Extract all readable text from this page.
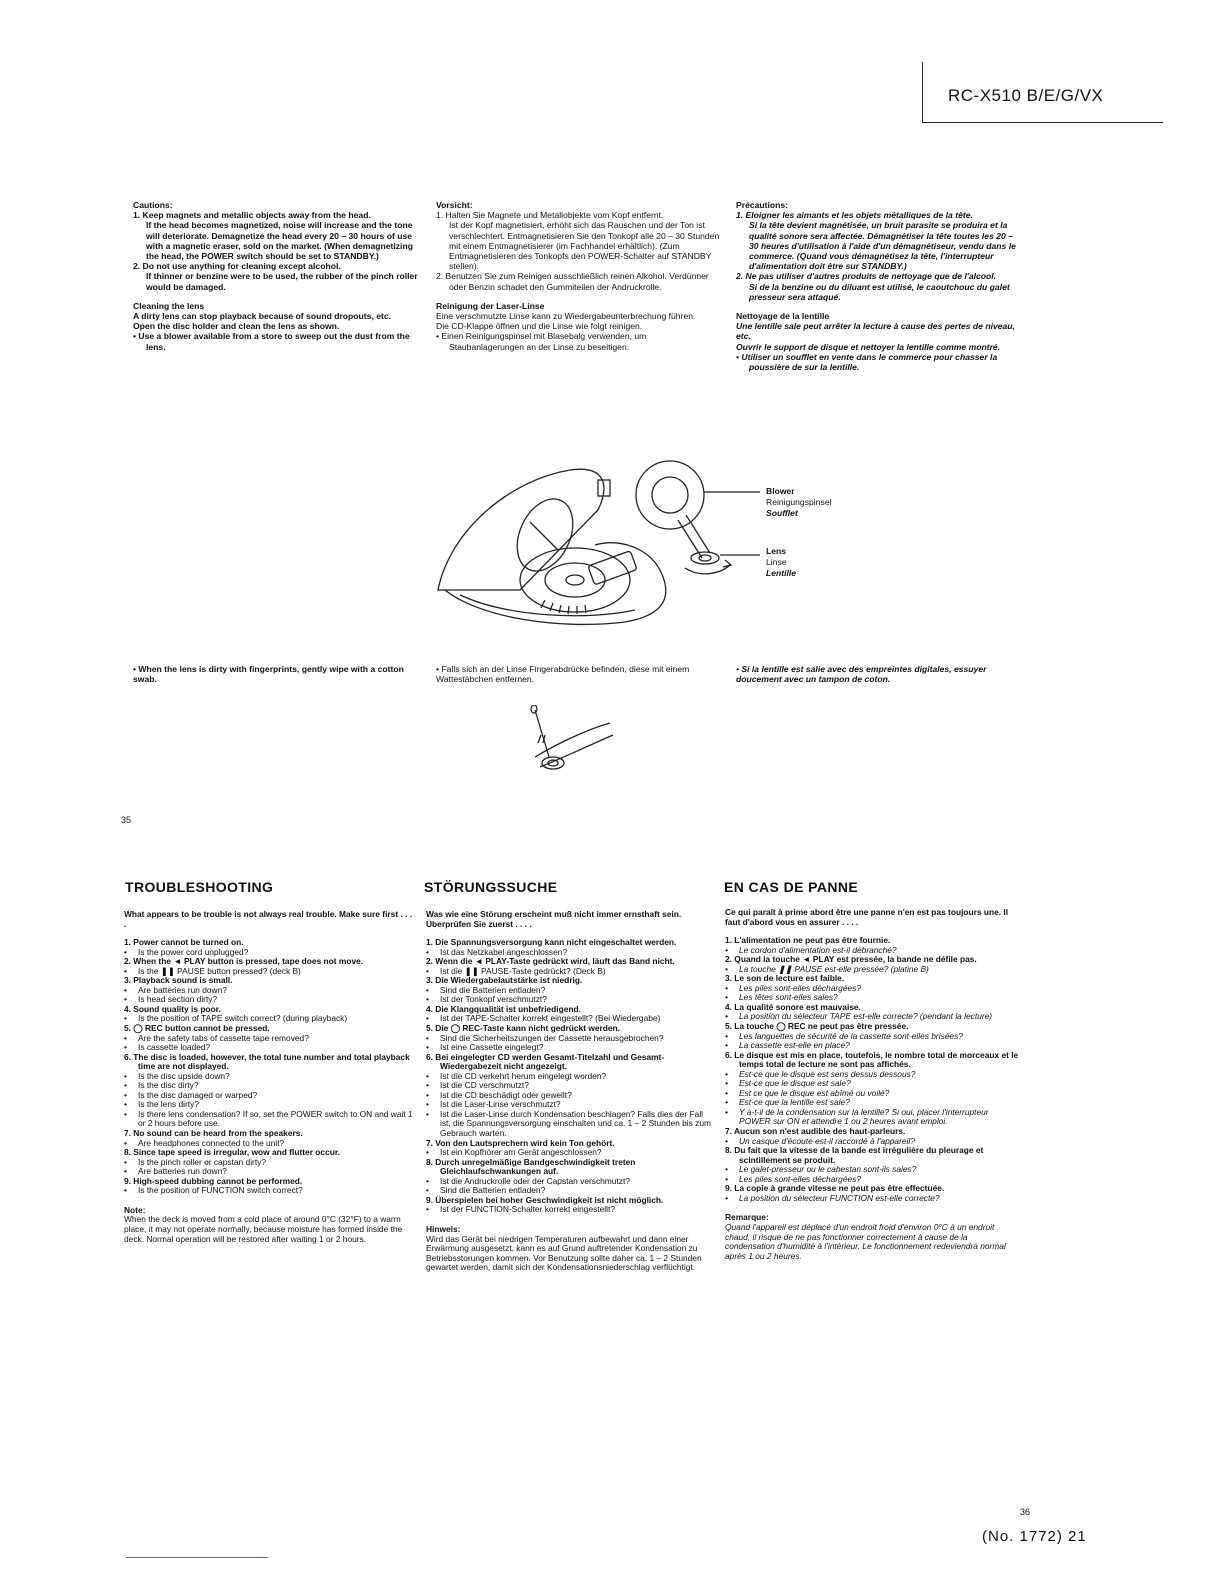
RC-X510 B/E/G/VX

Cautions:

1. Keep magnets and metallic objects away from the head.

If the head becomes magnetized, noise will increase and the tone will deteriorate. Demagnetize the head every 20 – 30 hours of use with a magnetic eraser, sold on the market. (When demagnetizing the head, the POWER switch should be set to STANDBY.)

2. Do not use anything for cleaning except alcohol.

If thinner or benzine were to be used, the rubber of the pinch roller would be damaged.

Cleaning the lens

A dirty lens can stop playback because of sound dropouts, etc.

Open the disc holder and clean the lens as shown.

• Use a blower available from a store to sweep out the dust from the lens.

Vorsicht:

1. Halten Sie Magnete und Metallobjekte vom Kopf entfernt.

Ist der Kopf magnetisiert, erhöht sich das Rauschen und der Ton ist verschlechtert. Entmagnetisieren Sie den Tonkopf alle 20 – 30 Stunden mit einem Entmagnetisierer (im Fachhandel erhältlich). (Zum Entmagnetisieren des Tonkopfs den POWER-Schalter auf STANDBY stellen).

2. Benutzen Sie zum Reinigen ausschließlich reinen Alkohol. Verdünner oder Benzin schadet den Gummiteilen der Andruckrolle.

Reinigung der Laser-Linse

Eine verschmutzte Linse kann zu Wiedergabeunterbrechung führen.

Die CD-Klappe öffnen und die Linse wie folgt reinigen.

• Einen Reinigungspinsel mit Blasebalg verwenden, um Staubanlagerungen an der Linse zu beseitigen.

Précautions:

1. Eloigner les aimants et les objets métalliques de la tête.

Si la tête devient magnétisée, un bruit parasite se produira et la qualité sonore sera affectée. Démagnétiser la tête toutes les 20 – 30 heures d'utilisation à l'aide d'un démagnétiseur, vendu dans le commerce. (Quand vous démagnétisez la tête, l'interrupteur d'alimentation doit être sur STANDBY.)

2. Ne pas utiliser d'autres produits de nettoyage que de l'alcool.

Si de la benzine ou du diluant est utilisé, le caoutchouc du galet presseur sera attaqué.

Nettoyage de la lentille

Une lentille sale peut arrêter la lecture à cause des pertes de niveau, etc.

Ouvrir le support de disque et nettoyer la lentille comme montré.

• Utiliser un soufflet en vente dans le commerce pour chasser la poussière de sur la lentille.

Blower
Reinigungspinsel
Soufflet
Lens
Linse
Lentille
• When the lens is dirty with fingerprints, gently wipe with a cotton swab.
• Falls sich an der Linse Fingerabdrücke befinden, diese mit einem Wattestäbchen entfernen.
• Si la lentille est salie avec des empreintes digitales, essuyer doucement avec un tampon de coton.
35
TROUBLESHOOTING	STÖRUNGSSUCHE	EN CAS DE PANNE

What appears to be trouble is not always real trouble. Make sure first . . . .

1. Power cannot be turned on.

• Is the power cord unplugged?

2. When the ◄ PLAY button is pressed, tape does not move.

• Is the ❚❚ PAUSE button pressed? (deck B)

3. Playback sound is small.

• Are batteries run down?

• Is head section dirty?

4. Sound quality is poor.

• Is the position of TAPE switch correct? (during playback)

5. ◯ REC button cannot be pressed.

• Are the safety tabs of cassette tape removed?

• Is cassette loaded?

6. The disc is loaded, however, the total tune number and total playback time are not displayed.

• Is the disc upside down?

• Is the disc dirty?

• Is the disc damaged or warped?

• Is the lens dirty?

• Is there lens condensation? If so, set the POWER switch to ON and wait 1 or 2 hours before use.

7. No sound can be heard from the speakers.

• Are headphones connected to the unit?

8. Since tape speed is irregular, wow and flutter occur.

• Is the pinch roller or capstan dirty?

• Are batteries run down?

9. High-speed dubbing cannot be performed.

• Is the position of FUNCTION switch correct?

Note:

When the deck is moved from a cold place of around 0°C (32°F) to a warm place, it may not operate normally, because moisture has formed inside the deck. Normal operation will be restored after waiting 1 or 2 hours.

Was wie eine Störung erscheint muß nicht immer ernsthaft sein. Überprüfen Sie zuerst . . . .

1. Die Spannungsversorgung kann nicht eingeschaltet werden.

• Ist das Netzkabel angeschlossen?

2. Wenn die ◄ PLAY-Taste gedrückt wird, läuft das Band nicht.

• Ist die ❚❚ PAUSE-Taste gedrückt? (Deck B)

3. Die Wiedergabelautstärke ist niedrig.

• Sind die Batterien entladen?

• Ist der Tonkopf verschmutzt?

4. Die Klangqualität ist unbefriedigend.

• Ist der TAPE-Schalter korrekt eingestellt? (Bei Wiedergabe)

5. Die ◯ REC-Taste kann nicht gedrückt werden.

• Sind die Sicherheitszungen der Cassette herausgebrochen?

• Ist eine Cassette eingelegt?

6. Bei eingelegter CD werden Gesamt-Titelzahl und Gesamt-Wiedergabezeit nicht angezeigt.

• Ist die CD verkehrt herum eingelegt worden?

• Ist die CD verschmutzt?

• Ist die CD beschädigt oder gewellt?

• Ist die Laser-Linse verschmutzt?

• Ist die Laser-Linse durch Kondensation beschlagen? Falls dies der Fall ist, die Spannungsversorgung einschalten und ca. 1 – 2 Stunden bis zum Gebrauch warten.

7. Von den Lautsprechern wird kein Ton gehört.

• Ist ein Kopfhörer am Gerät angeschlossen?

8. Durch unregelmäßige Bandgeschwindigkeit treten Gleichlaufschwankungen auf.

• Ist die Andruckrolle oder der Capstan verschmutzt?

• Sind die Batterien entladen?

9. Überspielen bei hoher Geschwindigkeit ist nicht möglich.

• Ist der FUNCTION-Schalter korrekt eingestellt?

Hinweis:

Wird das Gerät bei niedrigen Temperaturen aufbewahrt und dann einer Erwärmung ausgesetzt, kann es auf Grund auftretender Kondensation zu Betriebsstorungen kommen. Vor Benutzung sollte daher ca. 1 – 2 Stunden gewartet werden, damit sich der Kondensationsniederschlag verflüchtigt.

Ce qui paraît à prime abord être une panne n'en est pas toujours une. Il faut d'abord vous en assurer . . . .

1. L'alimentation ne peut pas être fournie.

• Le cordon d'alimentation est-il débranché?

2. Quand la touche ◄ PLAY est pressée, la bande ne défile pas.

• La touche ❚❚ PAUSE est-elle pressée? (platine B)

3. Le son de lecture est faible.

• Les piles sont-elles déchargées?

• Les têtes sont-elles sales?

4. La qualité sonore est mauvaise.

• La position du sélecteur TAPE est-elle correcte? (pendant la lecture)

5. La touche ◯ REC ne peut pas être pressée.

• Les languettes de sécurité de la cassette sont-elles brisées?

• La cassette est-elle en place?

6. Le disque est mis en place, toutefois, le nombre total de morceaux et le temps total de lecture ne sont pas affichés.

• Est-ce que le disque est sens dessus dessous?

• Est-ce que le disque est sale?

• Est ce que le disque est abîmé ou voilé?

• Est-ce que la lentille est sale?

• Y a-t-il de la condensation sur la lentille? Si oui, placer l'interrupteur POWER sur ON et attendre 1 ou 2 heures avant emploi.

7. Aucun son n'est audible des haut-parleurs.

• Un casque d'écoute est-il raccordé à l'appareil?

8. Du fait que la vitesse de la bande est irrégulière du pleurage et scintillement se produit.

• Le galet-presseur ou le cabestan sont-ils sales?

• Les piles sont-elles déchargées?

9. La copie à grande vitesse ne peut pas être effectuée.

• La position du sélecteur FUNCTION est-elle correcte?

Remarque:

Quand l'appareil est déplacé d'un endroit froid d'environ 0°C à un endroit chaud, il risque de ne pas fonctionner correctement à cause de la condensation d'humidité à l'intérieur. Le fonctionnement redeviendra normal après 1 ou 2 heures.

36
(No. 1772) 21
